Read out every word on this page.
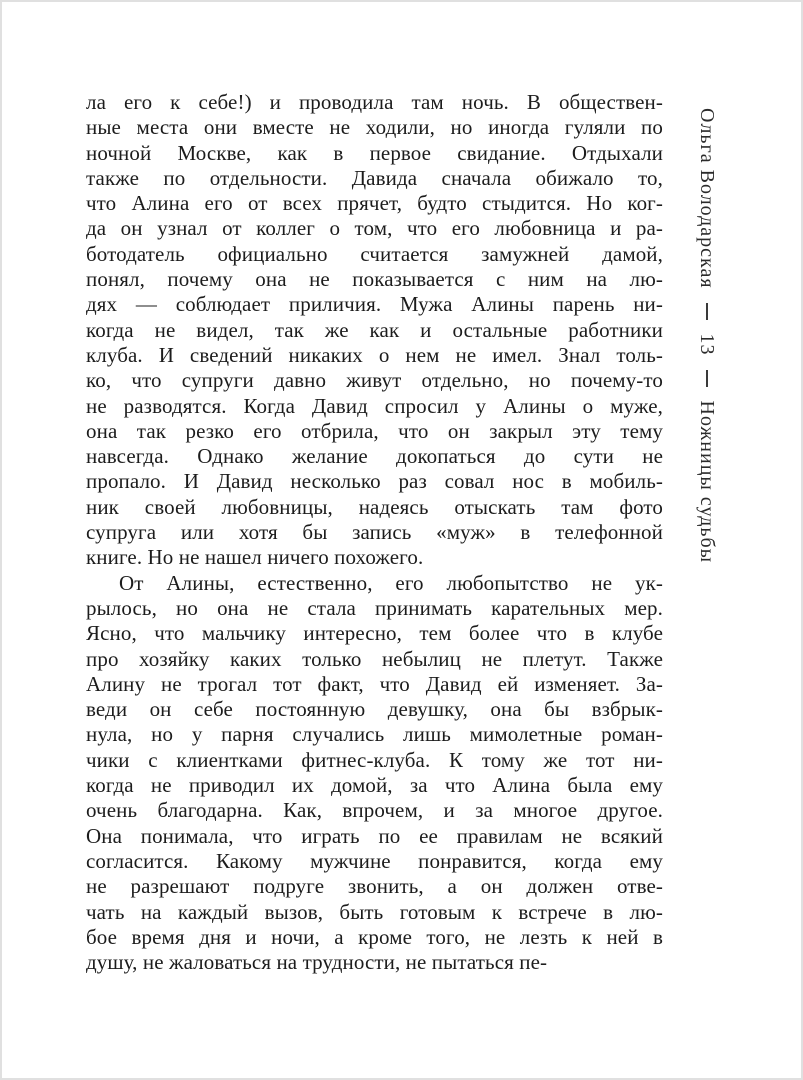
ла его к себе!) и проводила там ночь. В обществен-
ные места они вместе не ходили, но иногда гуляли по
ночной Москве, как в первое свидание. Отдыхали
также по отдельности. Давида сначала обижало то,
что Алина его от всех прячет, будто стыдится. Но ког-
да он узнал от коллег о том, что его любовница и ра-
ботодатель официально считается замужней дамой,
понял, почему она не показывается с ним на лю-
дях — соблюдает приличия. Мужа Алины парень ни-
когда не видел, так же как и остальные работники
клуба. И сведений никаких о нем не имел. Знал толь-
ко, что супруги давно живут отдельно, но почему-то
не разводятся. Когда Давид спросил у Алины о муже,
она так резко его отбрила, что он закрыл эту тему
навсегда. Однако желание докопаться до сути не
пропало. И Давид несколько раз совал нос в мобиль-
ник своей любовницы, надеясь отыскать там фото
супруга или хотя бы запись «муж» в телефонной
книге. Но не нашел ничего похожего.
От Алины, естественно, его любопытство не ук-
рылось, но она не стала принимать карательных мер.
Ясно, что мальчику интересно, тем более что в клубе
про хозяйку каких только небылиц не плетут. Также
Алину не трогал тот факт, что Давид ей изменяет. За-
веди он себе постоянную девушку, она бы взбрык-
нула, но у парня случались лишь мимолетные роман-
чики с клиентками фитнес-клуба. К тому же тот ни-
когда не приводил их домой, за что Алина была ему
очень благодарна. Как, впрочем, и за многое другое.
Она понимала, что играть по ее правилам не всякий
согласится. Какому мужчине понравится, когда ему
не разрешают подруге звонить, а он должен отве-
чать на каждый вызов, быть готовым к встрече в лю-
бое время дня и ночи, а кроме того, не лезть к ней в
душу, не жаловаться на трудности, не пытаться пе-
Ольга Володарская
13
Ножницы судьбы
